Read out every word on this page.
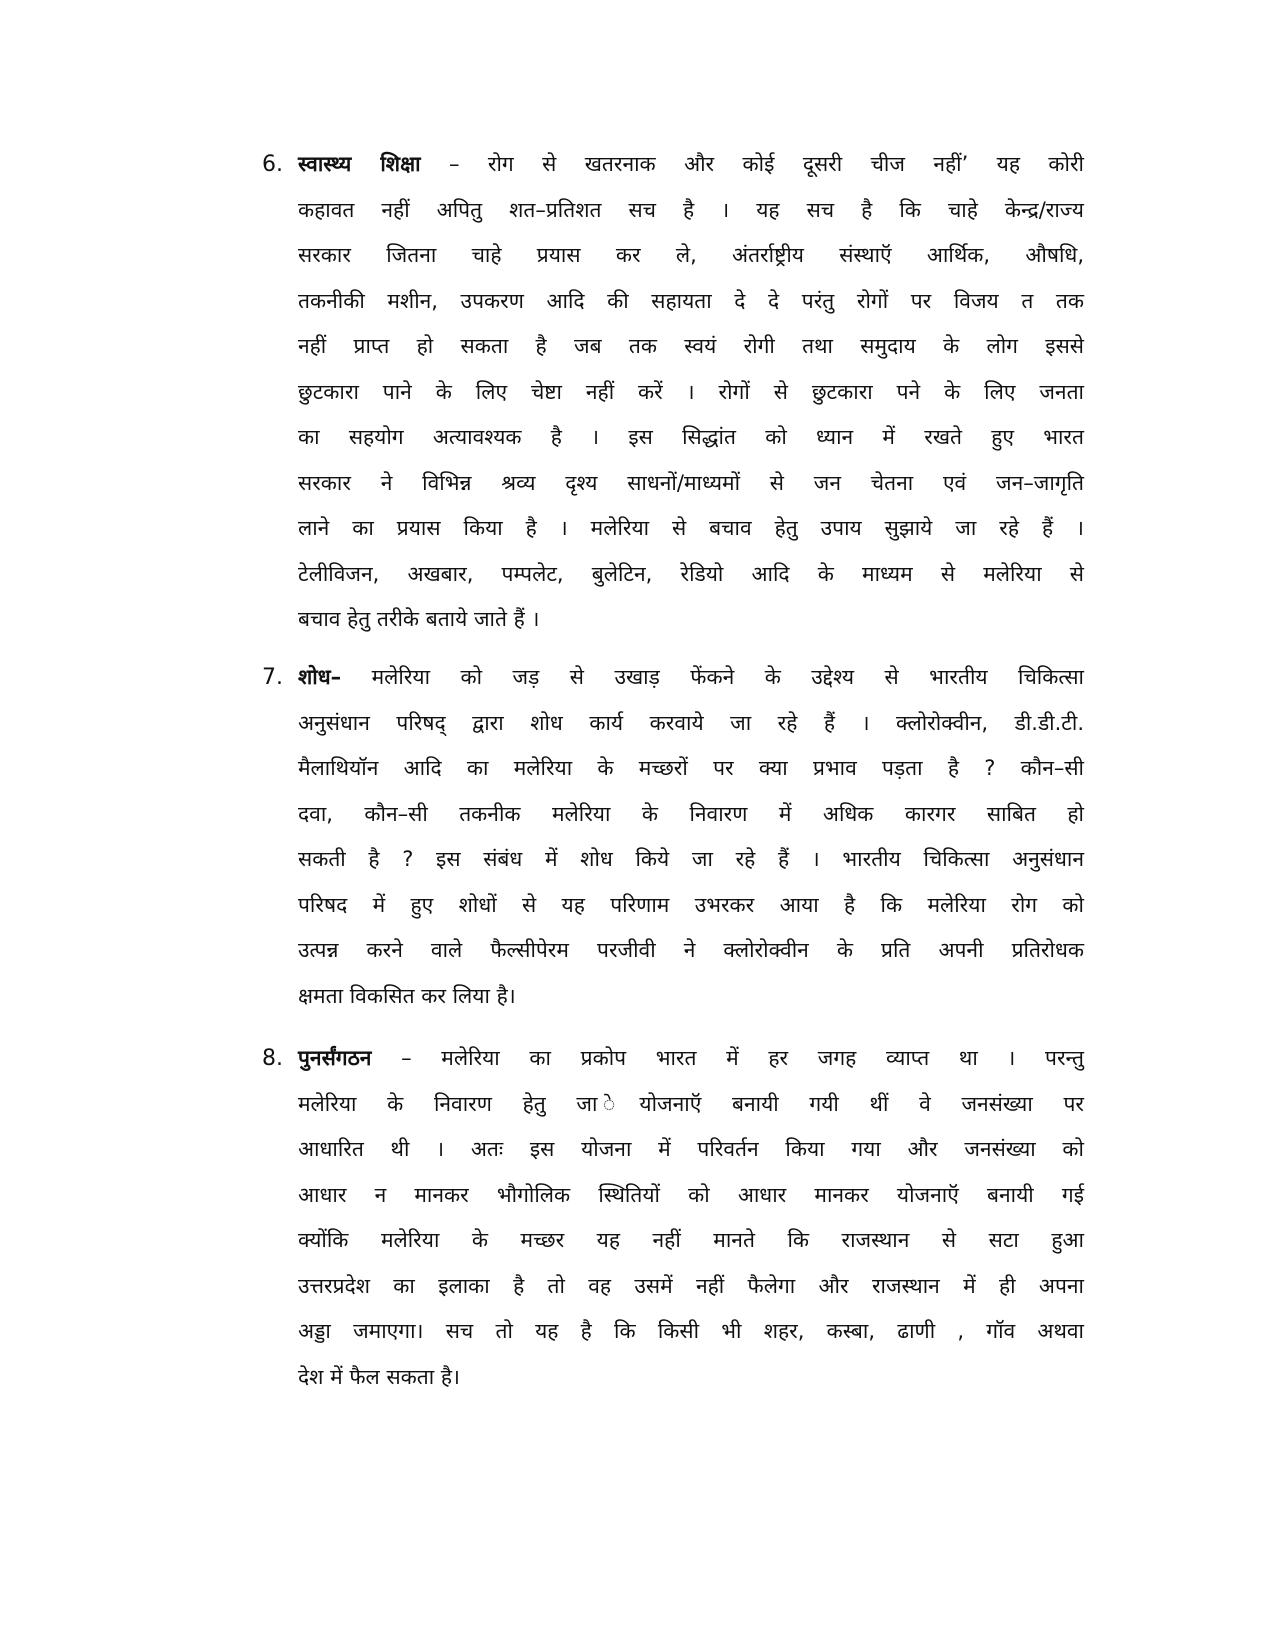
6. स्वास्थ्य शिक्षा – रोग से खतरनाक और कोई दूसरी चीज नहीं’ यह कोरी
कहावत नहीं अपितु शत–प्रतिशत सच है । यह सच है कि चाहे केन्द्र/राज्य
सरकार जितना चाहे प्रयास कर ले, अंतर्राष्ट्रीय संस्थाऍ आर्थिक, औषधि,
तकनीकी मशीन, उपकरण आदि की सहायता दे दे परंतु रोगों पर विजय त तक
नहीं प्राप्त हो सकता है जब तक स्वयं रोगी तथा समुदाय के लोग इससे
छुटकारा पाने के लिए चेष्टा नहीं करें । रोगों से छुटकारा पने के लिए जनता
का सहयोग अत्यावश्यक है । इस सिद्धांत को ध्यान में रखते हुए भारत
सरकार ने विभिन्न श्रव्य दृश्य साधनों/माध्यमों से जन चेतना एवं जन–जागृति
लाने का प्रयास किया है । मलेरिया से बचाव हेतु उपाय सुझाये जा रहे हैं ।
टेलीविजन, अखबार, पम्पलेट, बुलेटिन, रेडियो आदि के माध्यम से मलेरिया से
बचाव हेतु तरीके बताये जाते हैं ।
7. शोध– मलेरिया को जड़ से उखाड़ फेंकने के उद्देश्य से भारतीय चिकित्सा
अनुसंधान परिषद् द्वारा शोध कार्य करवाये जा रहे हैं । क्लोरोक्वीन, डी.डी.टी.
मैलाथियॉन आदि का मलेरिया के मच्छरों पर क्या प्रभाव पड़ता है ? कौन–सी
दवा, कौन–सी तकनीक मलेरिया के निवारण में अधिक कारगर साबित हो
सकती है ? इस संबंध में शोध किये जा रहे हैं । भारतीय चिकित्सा अनुसंधान
परिषद में हुए शोधों से यह परिणाम उभरकर आया है कि मलेरिया रोग को
उत्पन्न करने वाले फैल्सीपेरम परजीवी ने क्लोरोक्वीन के प्रति अपनी प्रतिरोधक
क्षमता विकसित कर लिया है।
8. पुनर्संगठन – मलेरिया का प्रकोप भारत में हर जगह व्याप्त था । परन्तु
मलेरिया के निवारण हेतु जा ेयोजनाऍ बनायी गयी थीं वे जनसंख्या पर
आधारित थी । अतः इस योजना में परिवर्तन किया गया और जनसंख्या को
आधार न मानकर भौगोलिक स्थितियों को आधार मानकर योजनाऍ बनायी गई
क्योंकि मलेरिया के मच्छर यह नहीं मानते कि राजस्थान से सटा हुआ
उत्तरप्रदेश का इलाका है तो वह उसमें नहीं फैलेगा और राजस्थान में ही अपना
अड्डा जमाएगा। सच तो यह है कि किसी भी शहर, कस्बा, ढाणी , गॉव अथवा
देश में फैल सकता है।
